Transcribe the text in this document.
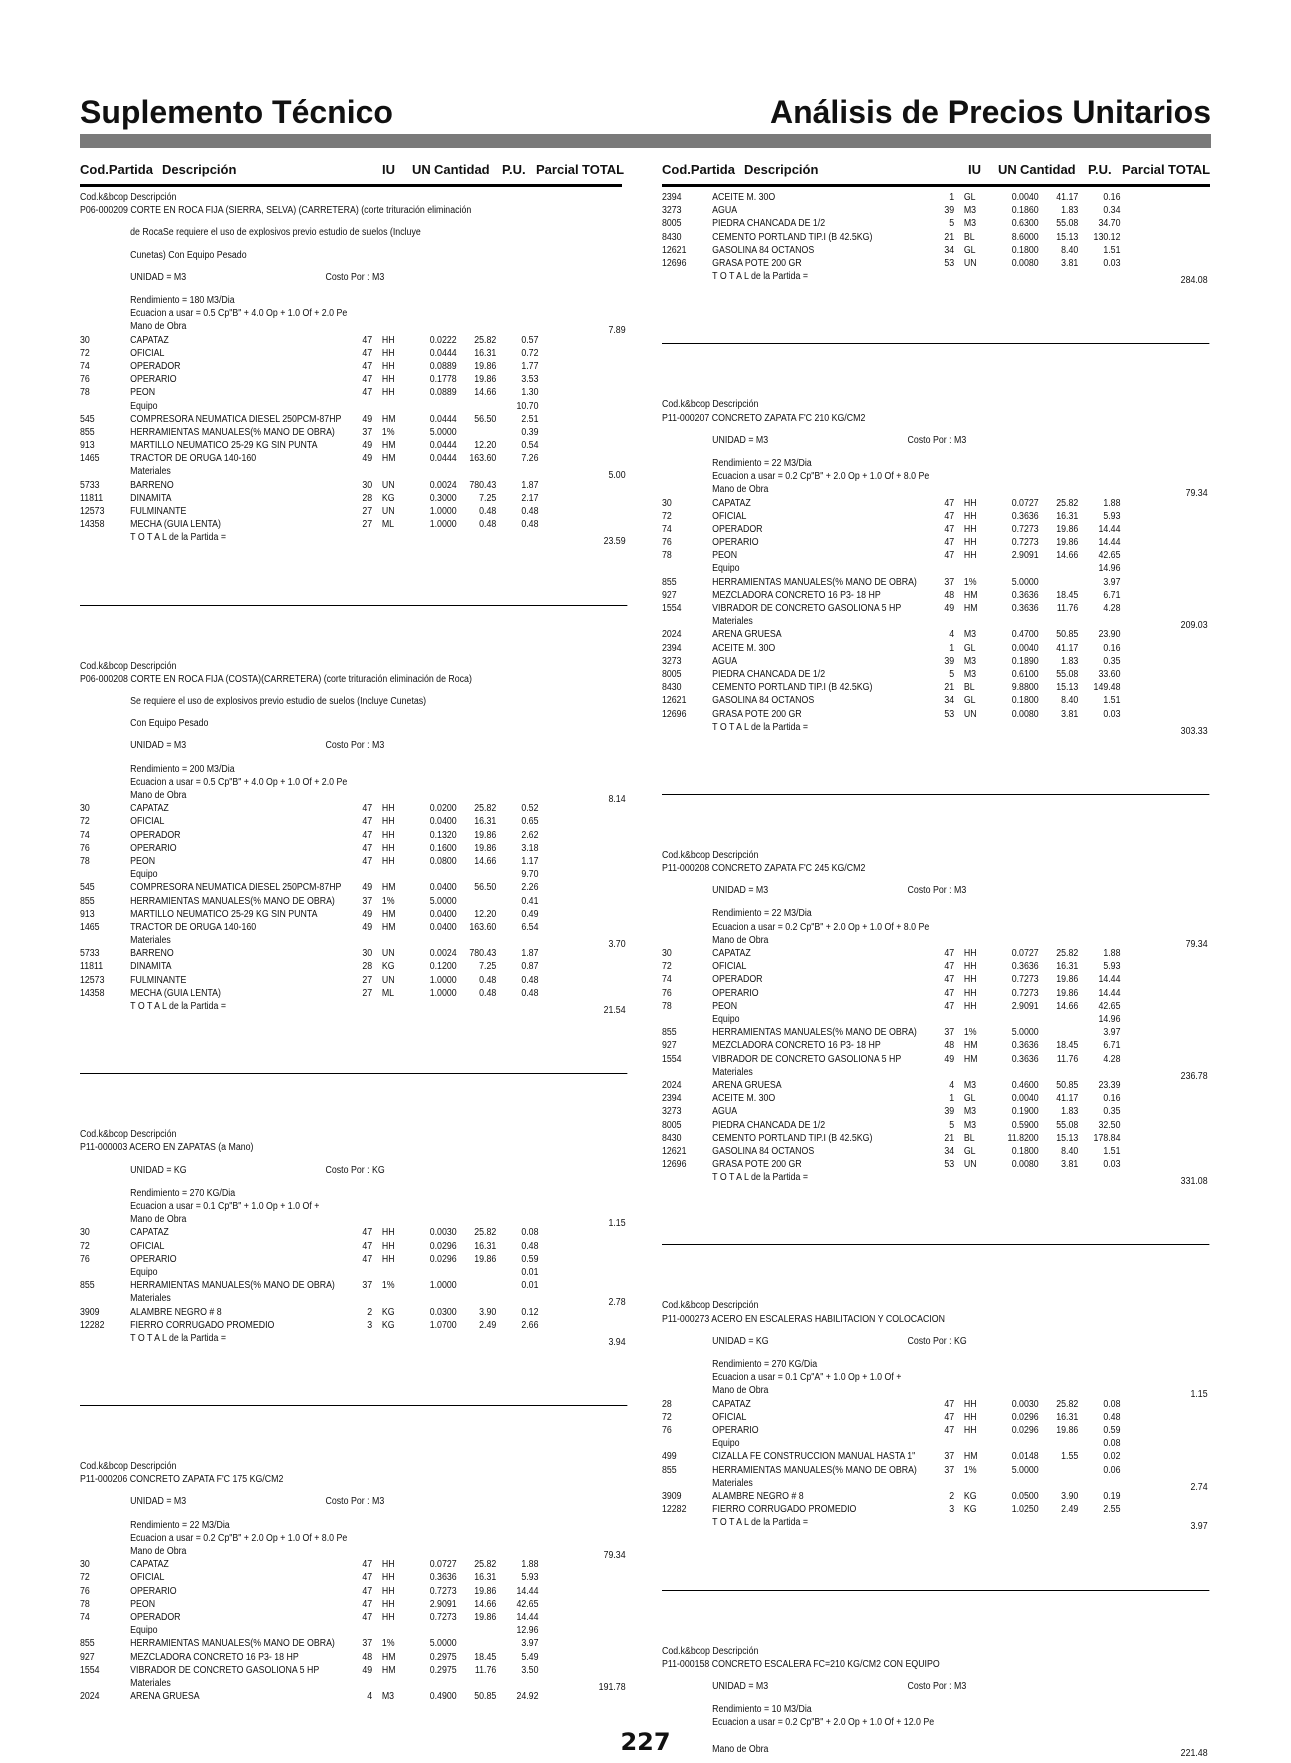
Suplemento Técnico	Análisis de Precios Unitarios
Cod.Partida Descripción	IU UN Cantidad P.U. Parcial TOTAL	Cod.Partida Descripción	IU UN Cantidad P.U. Parcial TOTAL
Cod.k&bcop Descripción
P06-000209 CORTE EN ROCA FIJA (SIERRA, SELVA) (CARRETERA) (corte trituración eliminación
de RocaSe requiere el uso de explosivos previo estudio de suelos (Incluye
Cunetas) Con Equipo Pesado
UNIDAD = M3	Costo Por : M3
Rendimiento = 180 M3/Dia
Ecuacion a usar = 0.5 Cp"B" + 4.0 Op + 1.0 Of + 2.0 Pe
Mano de Obra	7.89
30	CAPATAZ	47 HH	0.0222	25.82	0.57
72	OFICIAL	47 HH	0.0444	16.31	0.72
74	OPERADOR	47 HH	0.0889	19.86	1.77
76	OPERARIO	47 HH	0.1778	19.86	3.53
78	PEON	47 HH	0.0889	14.66	1.30
Equipo	10.70
545	COMPRESORA NEUMATICA DIESEL 250PCM-87HP	49 HM	0.0444	56.50	2.51
855	HERRAMIENTAS MANUALES(% MANO DE OBRA)	37 1%	5.0000	0.39
913	MARTILLO NEUMATICO 25-29 KG SIN PUNTA	49 HM	0.0444	12.20	0.54
1465	TRACTOR DE ORUGA 140-160	49 HM	0.0444	163.60	7.26
Materiales	5.00
5733	BARRENO	30 UN	0.0024	780.43	1.87
11811	DINAMITA	28 KG	0.3000	7.25	2.17
12573	FULMINANTE	27 UN	1.0000	0.48	0.48
14358	MECHA (GUIA LENTA)	27 ML	1.0000	0.48	0.48
T O T A L de la Partida =	23.59
Cod.k&bcop Descripción
P06-000208 CORTE EN ROCA FIJA (COSTA)(CARRETERA) (corte trituración eliminación de Roca)
Se requiere el uso de explosivos previo estudio de suelos (Incluye Cunetas)
Con Equipo Pesado
UNIDAD = M3	Costo Por : M3
Rendimiento = 200 M3/Dia
Ecuacion a usar = 0.5 Cp"B" + 4.0 Op + 1.0 Of + 2.0 Pe
Mano de Obra	8.14
30	CAPATAZ	47 HH	0.0200	25.82	0.52
72	OFICIAL	47 HH	0.0400	16.31	0.65
74	OPERADOR	47 HH	0.1320	19.86	2.62
76	OPERARIO	47 HH	0.1600	19.86	3.18
78	PEON	47 HH	0.0800	14.66	1.17
Equipo	9.70
545	COMPRESORA NEUMATICA DIESEL 250PCM-87HP	49 HM	0.0400	56.50	2.26
855	HERRAMIENTAS MANUALES(% MANO DE OBRA)	37 1%	5.0000	0.41
913	MARTILLO NEUMATICO 25-29 KG SIN PUNTA	49 HM	0.0400	12.20	0.49
1465	TRACTOR DE ORUGA 140-160	49 HM	0.0400	163.60	6.54
Materiales	3.70
5733	BARRENO	30 UN	0.0024	780.43	1.87
11811	DINAMITA	28 KG	0.1200	7.25	0.87
12573	FULMINANTE	27 UN	1.0000	0.48	0.48
14358	MECHA (GUIA LENTA)	27 ML	1.0000	0.48	0.48
T O T A L de la Partida =	21.54
Cod.k&bcop Descripción
P11-000003 ACERO EN ZAPATAS (a Mano)
UNIDAD = KG	Costo Por : KG
Rendimiento = 270 KG/Dia
Ecuacion a usar = 0.1 Cp"B" + 1.0 Op + 1.0 Of +
Mano de Obra	1.15
30	CAPATAZ	47 HH	0.0030	25.82	0.08
72	OFICIAL	47 HH	0.0296	16.31	0.48
76	OPERARIO	47 HH	0.0296	19.86	0.59
Equipo	0.01
855	HERRAMIENTAS MANUALES(% MANO DE OBRA)	37 1%	1.0000	0.01
Materiales	2.78
3909	ALAMBRE NEGRO # 8	2 KG	0.0300	3.90	0.12
12282	FIERRO CORRUGADO PROMEDIO	3 KG	1.0700	2.49	2.66
T O T A L de la Partida =	3.94
Cod.k&bcop Descripción
P11-000206 CONCRETO ZAPATA F'C 175 KG/CM2
UNIDAD = M3	Costo Por : M3
Rendimiento = 22 M3/Dia
Ecuacion a usar = 0.2 Cp"B" + 2.0 Op + 1.0 Of + 8.0 Pe
Mano de Obra	79.34
30	CAPATAZ	47 HH	0.0727	25.82	1.88
72	OFICIAL	47 HH	0.3636	16.31	5.93
76	OPERARIO	47 HH	0.7273	19.86	14.44
78	PEON	47 HH	2.9091	14.66	42.65
74	OPERADOR	47 HH	0.7273	19.86	14.44
Equipo	12.96
855	HERRAMIENTAS MANUALES(% MANO DE OBRA)	37 1%	5.0000	3.97
927	MEZCLADORA CONCRETO 16 P3- 18 HP	48 HM	0.2975	18.45	5.49
1554	VIBRADOR DE CONCRETO GASOLIONA 5 HP	49 HM	0.2975	11.76	3.50
Materiales	191.78
2024	ARENA GRUESA	4 M3	0.4900	50.85	24.92
2394	ACEITE M. 30O	1 GL	0.0040	41.17	0.16
3273	AGUA	39 M3	0.1860	1.83	0.34
8005	PIEDRA CHANCADA DE 1/2	5 M3	0.6300	55.08	34.70
8430	CEMENTO PORTLAND TIP.I (B 42.5KG)	21 BL	8.6000	15.13	130.12
12621	GASOLINA 84 OCTANOS	34 GL	0.1800	8.40	1.51
12696	GRASA POTE 200 GR	53 UN	0.0080	3.81	0.03
T O T A L de la Partida =	284.08
Cod.k&bcop Descripción
P11-000207 CONCRETO ZAPATA F'C 210 KG/CM2
UNIDAD = M3	Costo Por : M3
Rendimiento = 22 M3/Dia
Ecuacion a usar = 0.2 Cp"B" + 2.0 Op + 1.0 Of + 8.0 Pe
Mano de Obra	79.34
30	CAPATAZ	47 HH	0.0727	25.82	1.88
72	OFICIAL	47 HH	0.3636	16.31	5.93
74	OPERADOR	47 HH	0.7273	19.86	14.44
76	OPERARIO	47 HH	0.7273	19.86	14.44
78	PEON	47 HH	2.9091	14.66	42.65
Equipo	14.96
855	HERRAMIENTAS MANUALES(% MANO DE OBRA)	37 1%	5.0000	3.97
927	MEZCLADORA CONCRETO 16 P3- 18 HP	48 HM	0.3636	18.45	6.71
1554	VIBRADOR DE CONCRETO GASOLIONA 5 HP	49 HM	0.3636	11.76	4.28
Materiales	209.03
2024	ARENA GRUESA	4 M3	0.4700	50.85	23.90
2394	ACEITE M. 30O	1 GL	0.0040	41.17	0.16
3273	AGUA	39 M3	0.1890	1.83	0.35
8005	PIEDRA CHANCADA DE 1/2	5 M3	0.6100	55.08	33.60
8430	CEMENTO PORTLAND TIP.I (B 42.5KG)	21 BL	9.8800	15.13	149.48
12621	GASOLINA 84 OCTANOS	34 GL	0.1800	8.40	1.51
12696	GRASA POTE 200 GR	53 UN	0.0080	3.81	0.03
T O T A L de la Partida =	303.33
Cod.k&bcop Descripción
P11-000208 CONCRETO ZAPATA F'C 245 KG/CM2
UNIDAD = M3	Costo Por : M3
Rendimiento = 22 M3/Dia
Ecuacion a usar = 0.2 Cp"B" + 2.0 Op + 1.0 Of + 8.0 Pe
Mano de Obra	79.34
30	CAPATAZ	47 HH	0.0727	25.82	1.88
72	OFICIAL	47 HH	0.3636	16.31	5.93
74	OPERADOR	47 HH	0.7273	19.86	14.44
76	OPERARIO	47 HH	0.7273	19.86	14.44
78	PEON	47 HH	2.9091	14.66	42.65
Equipo	14.96
855	HERRAMIENTAS MANUALES(% MANO DE OBRA)	37 1%	5.0000	3.97
927	MEZCLADORA CONCRETO 16 P3- 18 HP	48 HM	0.3636	18.45	6.71
1554	VIBRADOR DE CONCRETO GASOLIONA 5 HP	49 HM	0.3636	11.76	4.28
Materiales	236.78
2024	ARENA GRUESA	4 M3	0.4600	50.85	23.39
2394	ACEITE M. 30O	1 GL	0.0040	41.17	0.16
3273	AGUA	39 M3	0.1900	1.83	0.35
8005	PIEDRA CHANCADA DE 1/2	5 M3	0.5900	55.08	32.50
8430	CEMENTO PORTLAND TIP.I (B 42.5KG)	21 BL	11.8200	15.13	178.84
12621	GASOLINA 84 OCTANOS	34 GL	0.1800	8.40	1.51
12696	GRASA POTE 200 GR	53 UN	0.0080	3.81	0.03
T O T A L de la Partida =	331.08
Cod.k&bcop Descripción
P11-000273 ACERO EN ESCALERAS HABILITACION Y COLOCACION
UNIDAD = KG	Costo Por : KG
Rendimiento = 270 KG/Dia
Ecuacion a usar = 0.1 Cp"A" + 1.0 Op + 1.0 Of +
Mano de Obra	1.15
28	CAPATAZ	47 HH	0.0030	25.82	0.08
72	OFICIAL	47 HH	0.0296	16.31	0.48
76	OPERARIO	47 HH	0.0296	19.86	0.59
Equipo	0.08
499	CIZALLA FE CONSTRUCCION MANUAL HASTA 1"	37 HM	0.0148	1.55	0.02
855	HERRAMIENTAS MANUALES(% MANO DE OBRA)	37 1%	5.0000	0.06
Materiales	2.74
3909	ALAMBRE NEGRO # 8	2 KG	0.0500	3.90	0.19
12282	FIERRO CORRUGADO PROMEDIO	3 KG	1.0250	2.49	2.55
T O T A L de la Partida =	3.97
Cod.k&bcop Descripción
P11-000158 CONCRETO ESCALERA FC=210 KG/CM2 CON EQUIPO
UNIDAD = M3	Costo Por : M3
Rendimiento = 10 M3/Dia
Ecuacion a usar = 0.2 Cp"B" + 2.0 Op + 1.0 Of + 12.0 Pe
Mano de Obra	221.48
227
